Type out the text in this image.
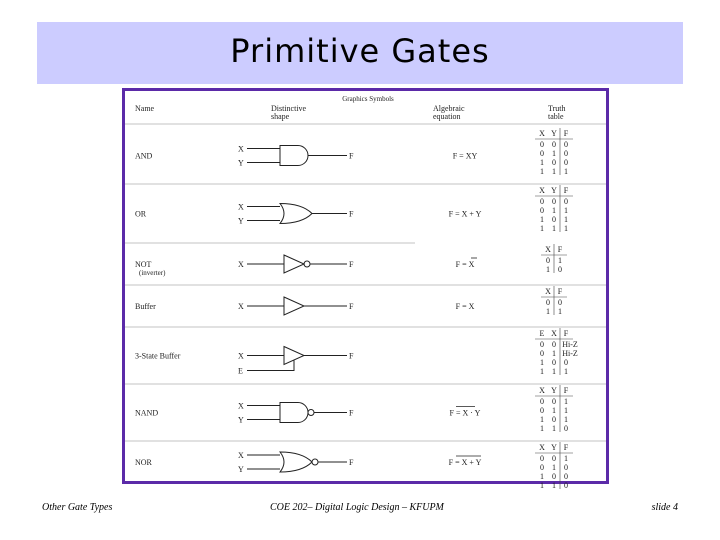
Primitive Gates
Graphics Symbols
Name	Distinctive
shape
Algebraic
equation
Truth
table
AND
X
Y
F	F = XY
X Y F
0 0 0
0 1 0
1 0 0
1 1 1
OR
X
Y
F	F = X + Y
X Y F
0 0 0
0 1 1
1 0 1
1 1 1
NOT
(inverter)
X	F	F = X
X F
0 1
1 0
Buffer	X	F	F = X
X F
0 0
1 1
3-State Buffer	X
E
F
E X F
0 0 Hi-Z
0 1 Hi-Z
1 0 0
1 1 1
NAND
X
Y
F	F = X · Y
X Y F
0 0 1
0 1 1
1 0 1
1 1 0
NOR
X
Y
F	F = X + Y
X Y F
0 0 1
0 1 0
1 0 0
1 1 0
Other Gate Types	COE 202– Digital Logic Design – KFUPM	slide 4
